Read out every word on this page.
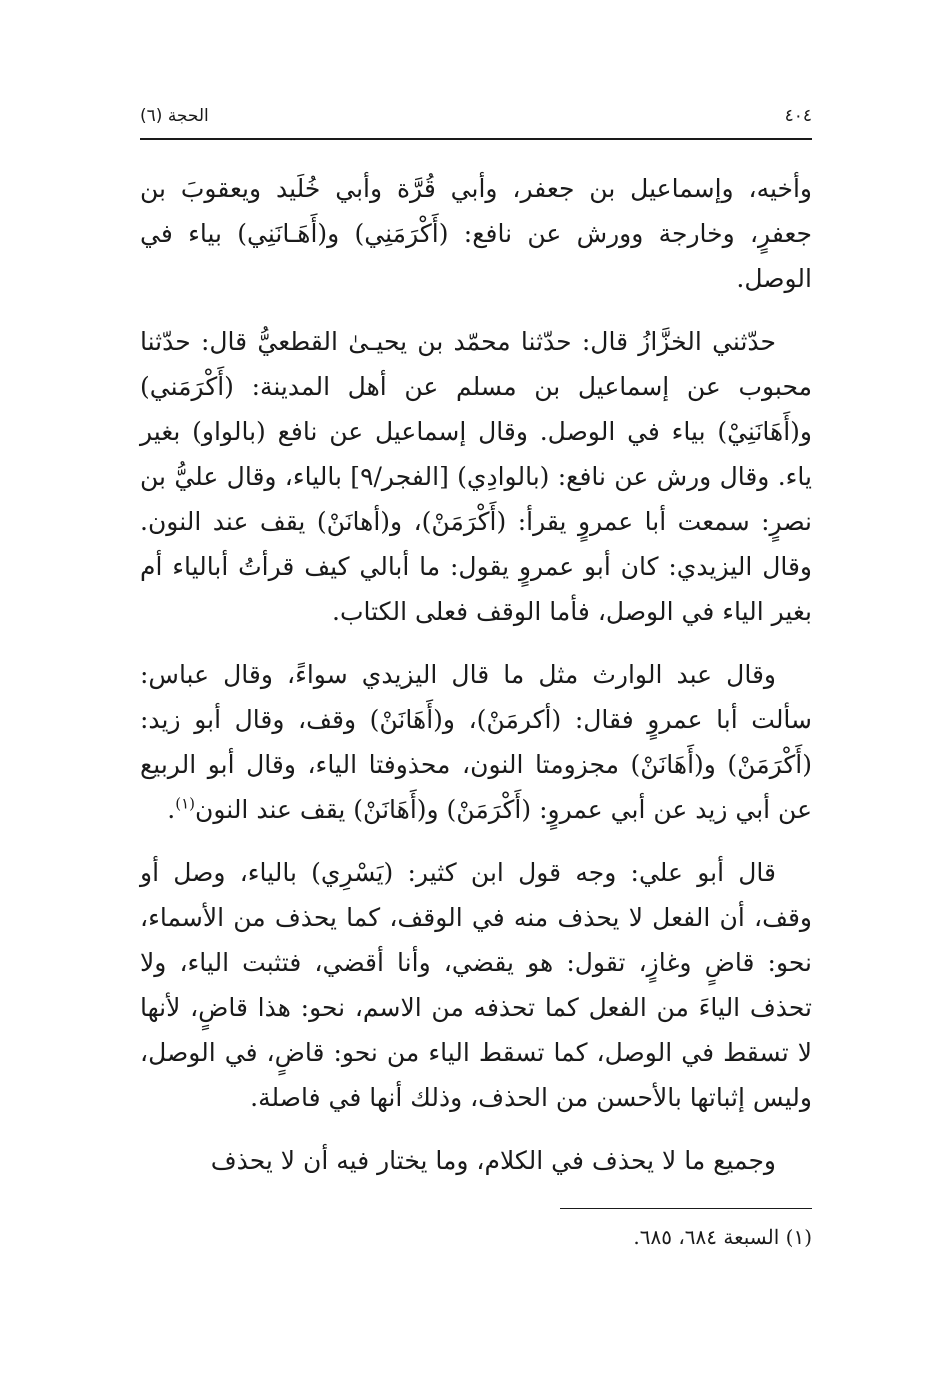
٤٠٤
الحجة (٦)

وأخيه، وإسماعيل بن جعفر، وأبي قُرَّة وأبي خُلَيد ويعقوبَ بن جعفرٍ، وخارجة وورش عن نافع: (أَكْرَمَنِي) و(أَهَـانَنِي) بياء في الوصل.

حدّثني الخزَّازُ قال: حدّثنا محمّد بن يحيـىٰ القطعيُّ قال: حدّثنا محبوب عن إسماعيل بن مسلم عن أهل المدينة: (أَكْرَمَني) و(أَهَانَنِيْ) بياء في الوصل. وقال إسماعيل عن نافع (بالواو) بغير ياء. وقال ورش عن نافع: (بالوادِي) [الفجر/٩] بالياء، وقال عليُّ بن نصرٍ: سمعت أبا عمروٍ يقرأ: (أَكْرَمَنْ)، و(أهانَنْ) يقف عند النون. وقال اليزيدي: كان أبو عمروٍ يقول: ما أبالي كيف قرأتُ أبالياء أم بغير الياء في الوصل، فأما الوقف فعلى الكتاب.

وقال عبد الوارث مثل ما قال اليزيدي سواءً، وقال عباس: سألت أبا عمروٍ فقال: (أكرمَنْ)، و(أَهَانَنْ) وقف، وقال أبو زيد: (أَكْرَمَنْ) و(أَهَانَنْ) مجزومتا النون، محذوفتا الياء، وقال أبو الربيع عن أبي زيد عن أبي عمروٍ: (أَكْرَمَنْ) و(أَهَانَنْ) يقف عند النون$^{(١)}$.

قال أبو علي: وجه قول ابن كثير: (يَسْرِي) بالياء، وصل أو وقف، أن الفعل لا يحذف منه في الوقف، كما يحذف من الأسماء، نحو: قاضٍ وغازٍ، تقول: هو يقضي، وأنا أقضي، فتثبت الياء، ولا تحذف الياءَ من الفعل كما تحذفه من الاسم، نحو: هذا قاضٍ، لأنها لا تسقط في الوصل، كما تسقط الياء من نحو: قاضٍ، في الوصل، وليس إثباتها بالأحسن من الحذف، وذلك أنها في فاصلة.

وجميع ما لا يحذف في الكلام، وما يختار فيه أن لا يحذف

(١) السبعة ٦٨٤، ٦٨٥.
